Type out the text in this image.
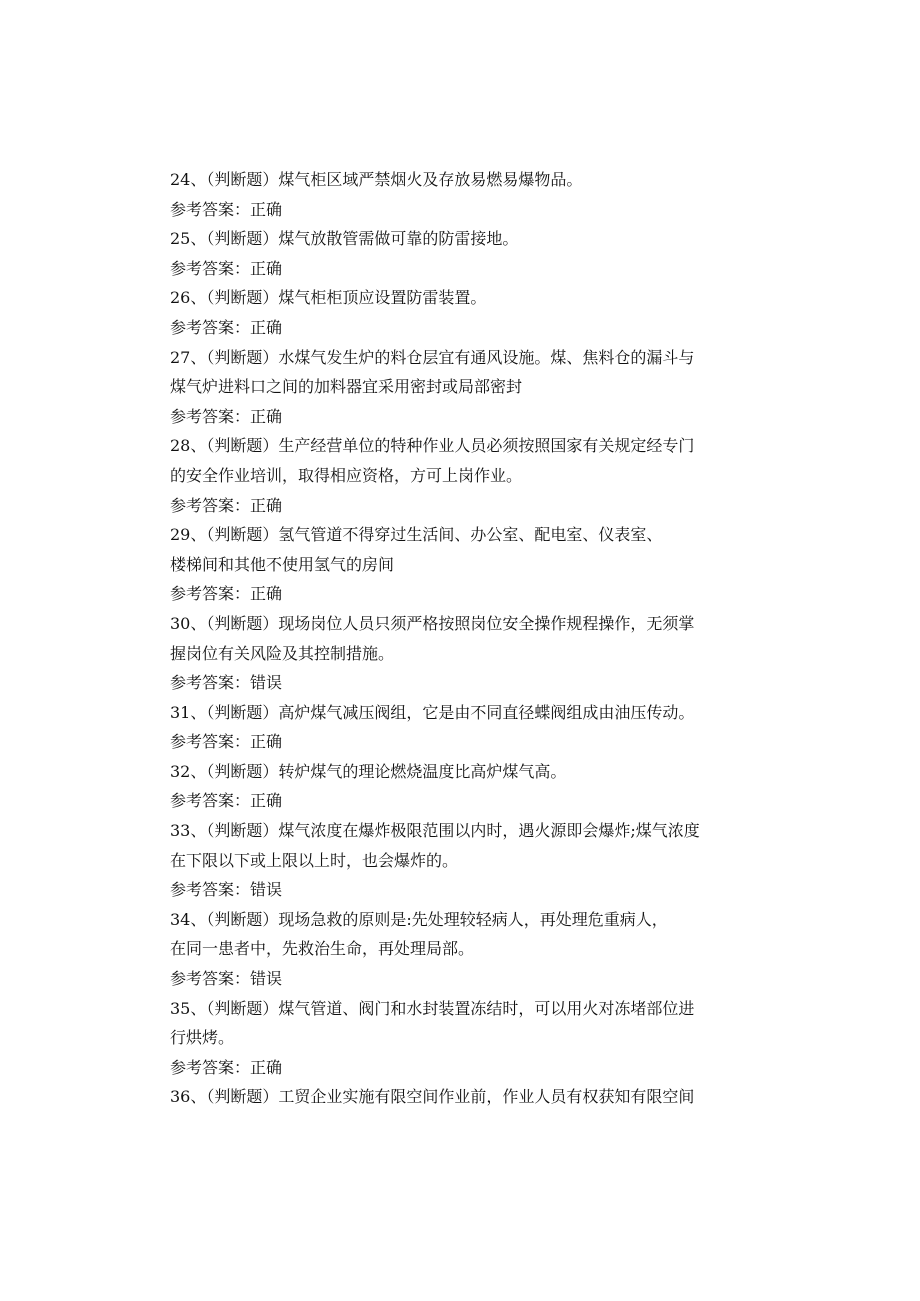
24、（判断题）煤气柜区域严禁烟火及存放易燃易爆物品。
参考答案：正确
25、（判断题）煤气放散管需做可靠的防雷接地。
参考答案：正确
26、（判断题）煤气柜柜顶应设置防雷装置。
参考答案：正确
27、（判断题）水煤气发生炉的料仓层宜有通风设施。煤、焦料仓的漏斗与
煤气炉进料口之间的加料器宜采用密封或局部密封
参考答案：正确
28、（判断题）生产经营单位的特种作业人员必须按照国家有关规定经专门
的安全作业培训，取得相应资格，方可上岗作业。
参考答案：正确
29、（判断题）氢气管道不得穿过生活间、办公室、配电室、仪表室、
楼梯间和其他不使用氢气的房间
参考答案：正确
30、（判断题）现场岗位人员只须严格按照岗位安全操作规程操作，无须掌
握岗位有关风险及其控制措施。
参考答案：错误
31、（判断题）高炉煤气减压阀组，它是由不同直径蝶阀组成由油压传动。
参考答案：正确
32、（判断题）转炉煤气的理论燃烧温度比高炉煤气高。
参考答案：正确
33、（判断题）煤气浓度在爆炸极限范围以内时，遇火源即会爆炸;煤气浓度
在下限以下或上限以上时，也会爆炸的。
参考答案：错误
34、（判断题）现场急救的原则是:先处理较轻病人，再处理危重病人，
在同一患者中，先救治生命，再处理局部。
参考答案：错误
35、（判断题）煤气管道、阀门和水封装置冻结时，可以用火对冻堵部位进
行烘烤。
参考答案：正确
36、（判断题）工贸企业实施有限空间作业前，作业人员有权获知有限空间
